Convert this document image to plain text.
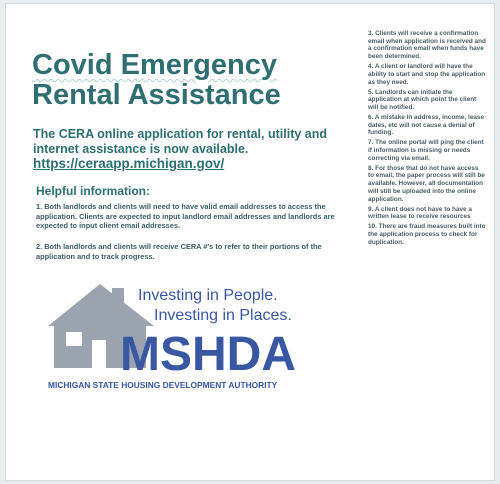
Covid Emergency
Rental Assistance
The CERA online application for rental, utility and internet assistance is now available.
https://ceraapp.michigan.gov/
Helpful information:
1. Both landlords and clients will need to have valid email addresses to access the application. Clients are expected to input landlord email addresses and landlords are expected to input client email addresses.
2. Both landlords and clients will receive CERA #'s to refer to their portions of the application and to track progress.
Investing in People.
Investing in Places.
MSHDA
MICHIGAN STATE HOUSING DEVELOPMENT AUTHORITY
3. Clients will receive a confirmation email when application is received and a confirmation email when funds have been determined.
4. A client or landlord will have the ability to start and stop the application as they need.
5. Landlords can initiate the application at which point the client will be notified.
6. A mistake in address, income, lease dates, etc will not cause a denial of funding.
7. The online portal will ping the client if information is missing or needs correcting via email.
8. For those that do not have access to email, the paper process will still be available. However, all documentation will still be uploaded into the online application.
9. A client does not have to have a written lease to receive resources
10. There are fraud measures built into the application process to check for duplication.
